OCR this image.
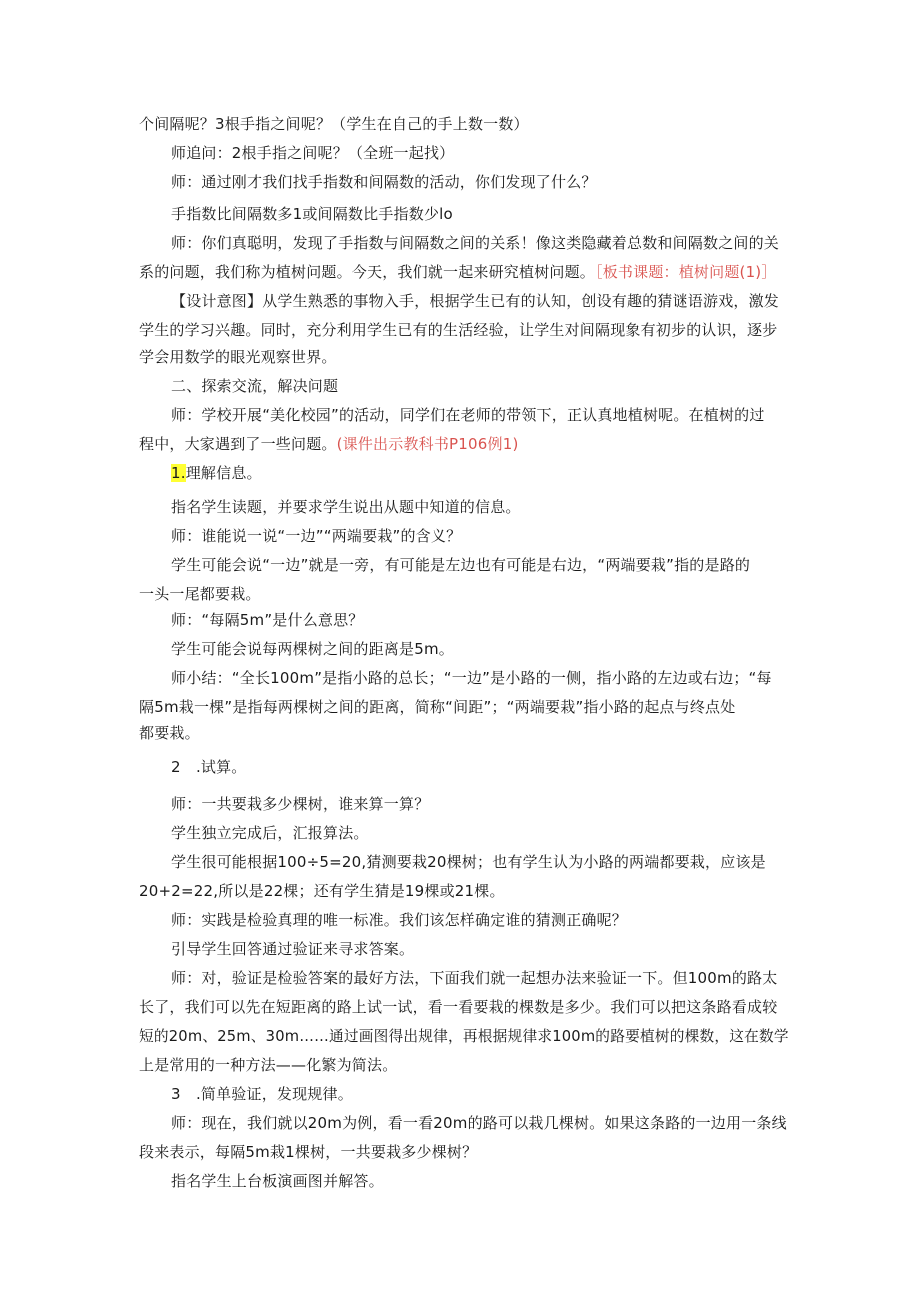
个间隔呢？3根手指之间呢？（学生在自己的手上数一数）
师追问：2根手指之间呢？（全班一起找）
师：通过刚才我们找手指数和间隔数的活动，你们发现了什么？
手指数比间隔数多1或间隔数比手指数少lo
师：你们真聪明，发现了手指数与间隔数之间的关系！像这类隐藏着总数和间隔数之间的关
系的问题，我们称为植树问题。今天，我们就一起来研究植树问题。［板书课题：植树问题(1)］
【设计意图】从学生熟悉的事物入手，根据学生已有的认知，创设有趣的猜谜语游戏，激发
学生的学习兴趣。同时，充分利用学生已有的生活经验，让学生对间隔现象有初步的认识，逐步
学会用数学的眼光观察世界。
二、探索交流，解决问题
师：学校开展“美化校园”的活动，同学们在老师的带领下，正认真地植树呢。在植树的过
程中，大家遇到了一些问题。(课件出示教科书P106例1)
1.理解信息。
指名学生读题，并要求学生说出从题中知道的信息。
师：谁能说一说“一边”“两端要栽”的含义？
学生可能会说“一边”就是一旁，有可能是左边也有可能是右边，“两端要栽”指的是路的
一头一尾都要栽。
师：“每隔5m”是什么意思？
学生可能会说每两棵树之间的距离是5m。
师小结：“全长100m”是指小路的总长；“一边”是小路的一侧，指小路的左边或右边；“每
隔5m栽一棵”是指每两棵树之间的距离，简称“间距”；“两端要栽”指小路的起点与终点处
都要栽。
2　.试算。
师：一共要栽多少棵树，谁来算一算？
学生独立完成后，汇报算法。
学生很可能根据100÷5=20,猜测要栽20棵树；也有学生认为小路的两端都要栽，应该是
20+2=22,所以是22棵；还有学生猜是19棵或21棵。
师：实践是检验真理的唯一标准。我们该怎样确定谁的猜测正确呢？
引导学生回答通过验证来寻求答案。
师：对，验证是检验答案的最好方法，下面我们就一起想办法来验证一下。但100m的路太
长了，我们可以先在短距离的路上试一试，看一看要栽的棵数是多少。我们可以把这条路看成较
短的20m、25m、30m……通过画图得出规律，再根据规律求100m的路要植树的棵数，这在数学
上是常用的一种方法——化繁为简法。
3　.简单验证，发现规律。
师：现在，我们就以20m为例，看一看20m的路可以栽几棵树。如果这条路的一边用一条线
段来表示，每隔5m栽1棵树，一共要栽多少棵树？
指名学生上台板演画图并解答。
